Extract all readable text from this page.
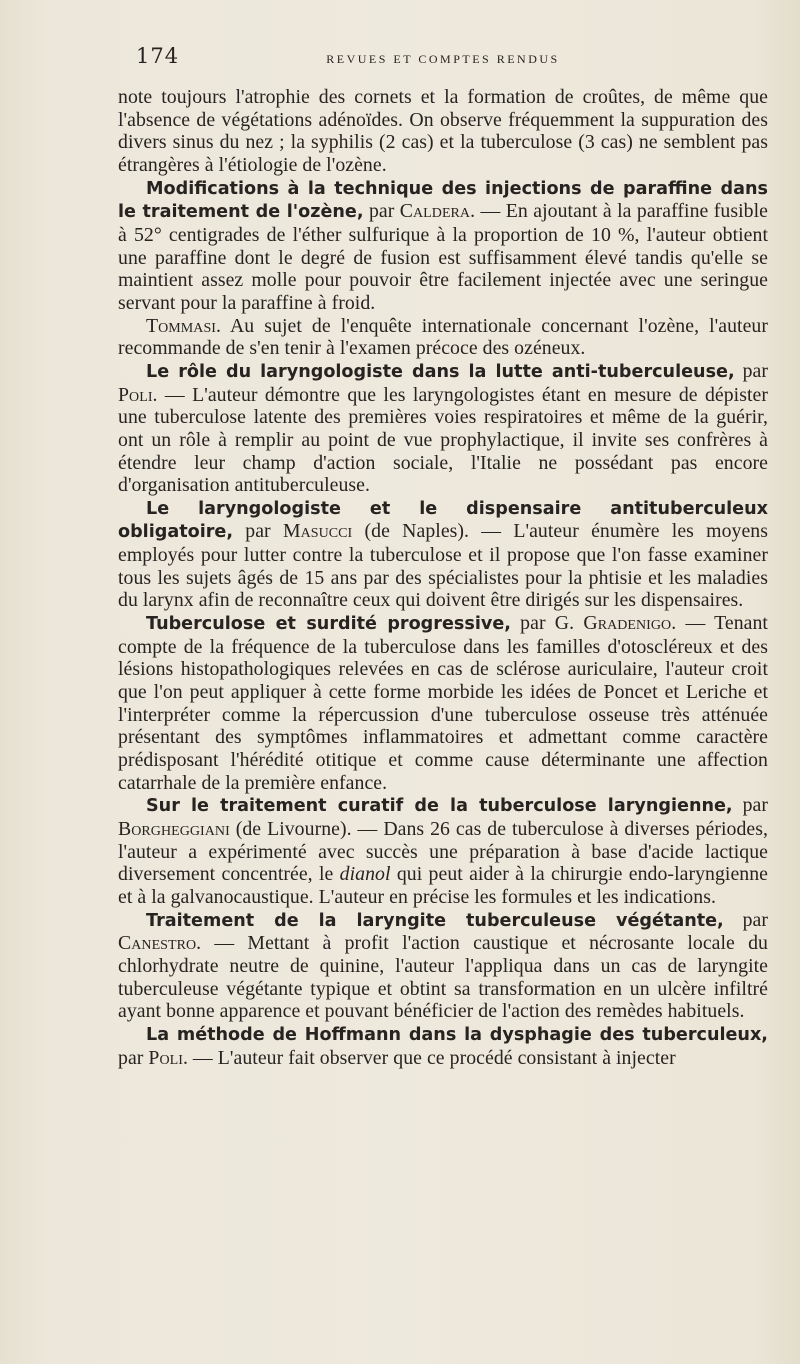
174	REVUES ET COMPTES RENDUS

note toujours l'atrophie des cornets et la formation de croûtes, de même que l'absence de végétations adénoïdes. On observe fréquemment la suppuration des divers sinus du nez ; la syphilis (2 cas) et la tuberculose (3 cas) ne semblent pas étrangères à l'étiologie de l'ozène.

Modifications à la technique des injections de paraffine dans le traitement de l'ozène, par Caldera. — En ajoutant à la paraffine fusible à 52° centigrades de l'éther sulfurique à la proportion de 10 %, l'auteur obtient une paraffine dont le degré de fusion est suffisamment élevé tandis qu'elle se maintient assez molle pour pouvoir être facilement injectée avec une seringue servant pour la paraffine à froid.

Tommasi. Au sujet de l'enquête internationale concernant l'ozène, l'auteur recommande de s'en tenir à l'examen précoce des ozéneux.

Le rôle du laryngologiste dans la lutte anti-tuberculeuse, par Poli. — L'auteur démontre que les laryngologistes étant en mesure de dépister une tuberculose latente des premières voies respiratoires et même de la guérir, ont un rôle à remplir au point de vue prophylactique, il invite ses confrères à étendre leur champ d'action sociale, l'Italie ne possédant pas encore d'organisation antituberculeuse.

Le laryngologiste et le dispensaire antituberculeux obligatoire, par Masucci (de Naples). — L'auteur énumère les moyens employés pour lutter contre la tuberculose et il propose que l'on fasse examiner tous les sujets âgés de 15 ans par des spécialistes pour la phtisie et les maladies du larynx afin de reconnaître ceux qui doivent être dirigés sur les dispensaires.

Tuberculose et surdité progressive, par G. Gradenigo. — Tenant compte de la fréquence de la tuberculose dans les familles d'otoscléreux et des lésions histopathologiques relevées en cas de sclérose auriculaire, l'auteur croit que l'on peut appliquer à cette forme morbide les idées de Poncet et Leriche et l'interpréter comme la répercussion d'une tuberculose osseuse très atténuée présentant des symptômes inflammatoires et admettant comme caractère prédisposant l'hérédité otitique et comme cause déterminante une affection catarrhale de la première enfance.

Sur le traitement curatif de la tuberculose laryngienne, par Borgheggiani (de Livourne). — Dans 26 cas de tuberculose à diverses périodes, l'auteur a expérimenté avec succès une préparation à base d'acide lactique diversement concentrée, le dianol qui peut aider à la chirurgie endo-laryngienne et à la galvanocaustique. L'auteur en précise les formules et les indications.

Traitement de la laryngite tuberculeuse végétante, par Canestro. — Mettant à profit l'action caustique et nécrosante locale du chlorhydrate neutre de quinine, l'auteur l'appliqua dans un cas de laryngite tuberculeuse végétante typique et obtint sa transformation en un ulcère infiltré ayant bonne apparence et pouvant bénéficier de l'action des remèdes habituels.

La méthode de Hoffmann dans la dysphagie des tuberculeux, par Poli. — L'auteur fait observer que ce procédé consistant à injecter
